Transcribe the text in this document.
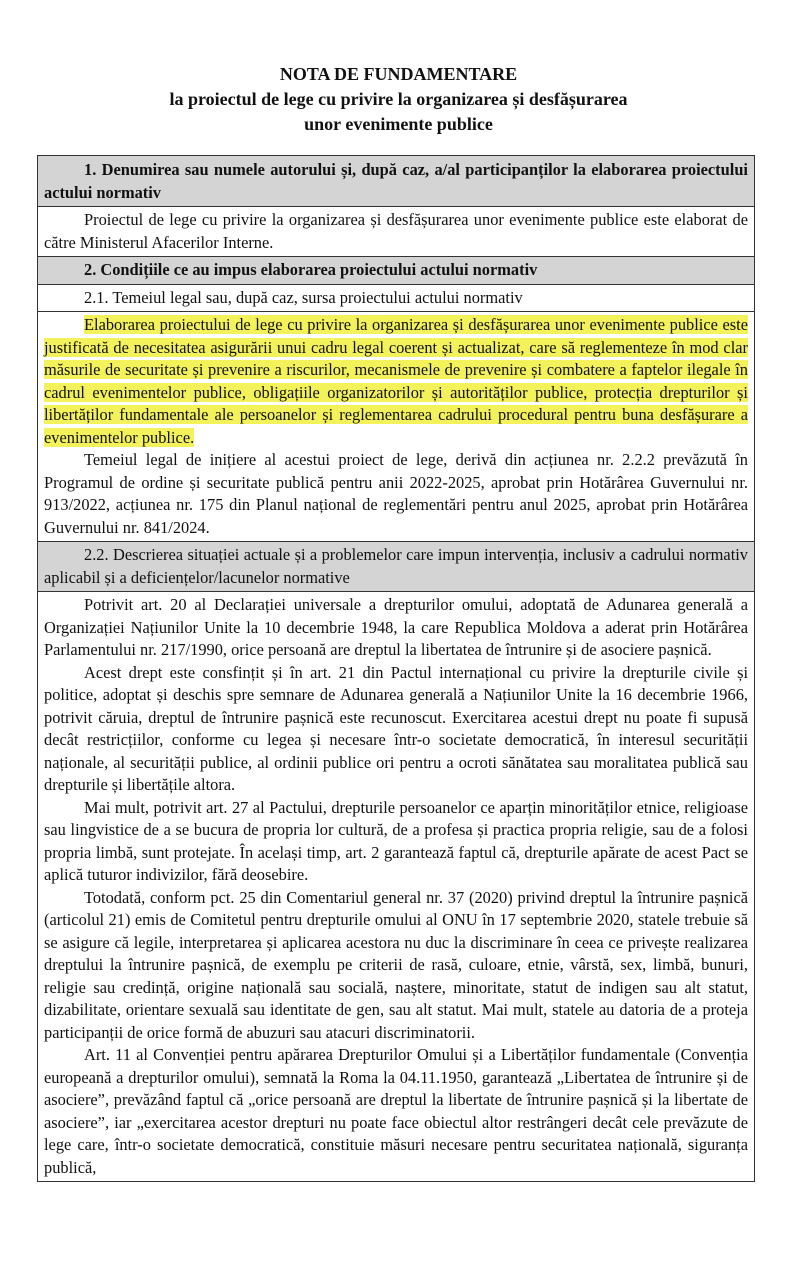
NOTA DE FUNDAMENTARE
la proiectul de lege cu privire la organizarea și desfășurarea
unor evenimente publice
1. Denumirea sau numele autorului și, după caz, a/al participanților la elaborarea proiectului actului normativ
Proiectul de lege cu privire la organizarea și desfășurarea unor evenimente publice este elaborat de către Ministerul Afacerilor Interne.
2. Condițiile ce au impus elaborarea proiectului actului normativ
2.1. Temeiul legal sau, după caz, sursa proiectului actului normativ

Elaborarea proiectului de lege cu privire la organizarea și desfășurarea unor evenimente publice este justificată de necesitatea asigurării unui cadru legal coerent și actualizat, care să reglementeze în mod clar măsurile de securitate și prevenire a riscurilor, mecanismele de prevenire și combatere a faptelor ilegale în cadrul evenimentelor publice, obligațiile organizatorilor și autorităților publice, protecția drepturilor și libertăților fundamentale ale persoanelor și reglementarea cadrului procedural pentru buna desfășurare a evenimentelor publice.

Temeiul legal de inițiere al acestui proiect de lege, derivă din acțiunea nr. 2.2.2 prevăzută în Programul de ordine și securitate publică pentru anii 2022-2025, aprobat prin Hotărârea Guvernului nr. 913/2022, acțiunea nr. 175 din Planul național de reglementări pentru anul 2025, aprobat prin Hotărârea Guvernului nr. 841/2024.

2.2. Descrierea situației actuale și a problemelor care impun intervenția, inclusiv a cadrului normativ aplicabil și a deficiențelor/lacunelor normative

Potrivit art. 20 al Declarației universale a drepturilor omului, adoptată de Adunarea generală a Organizației Națiunilor Unite la 10 decembrie 1948, la care Republica Moldova a aderat prin Hotărârea Parlamentului nr. 217/1990, orice persoană are dreptul la libertatea de întrunire și de asociere pașnică.

Acest drept este consfințit și în art. 21 din Pactul internațional cu privire la drepturile civile și politice, adoptat și deschis spre semnare de Adunarea generală a Națiunilor Unite la 16 decembrie 1966, potrivit căruia, dreptul de întrunire pașnică este recunoscut. Exercitarea acestui drept nu poate fi supusă decât restricțiilor, conforme cu legea și necesare într-o societate democratică, în interesul securității naționale, al securității publice, al ordinii publice ori pentru a ocroti sănătatea sau moralitatea publică sau drepturile și libertățile altora.

Mai mult, potrivit art. 27 al Pactului, drepturile persoanelor ce aparțin minorităților etnice, religioase sau lingvistice de a se bucura de propria lor cultură, de a profesa și practica propria religie, sau de a folosi propria limbă, sunt protejate. În același timp, art. 2 garantează faptul că, drepturile apărate de acest Pact se aplică tuturor indivizilor, fără deosebire.

Totodată, conform pct. 25 din Comentariul general nr. 37 (2020) privind dreptul la întrunire pașnică (articolul 21) emis de Comitetul pentru drepturile omului al ONU în 17 septembrie 2020, statele trebuie să se asigure că legile, interpretarea și aplicarea acestora nu duc la discriminare în ceea ce privește realizarea dreptului la întrunire pașnică, de exemplu pe criterii de rasă, culoare, etnie, vârstă, sex, limbă, bunuri, religie sau credință, origine națională sau socială, naștere, minoritate, statut de indigen sau alt statut, dizabilitate, orientare sexuală sau identitate de gen, sau alt statut. Mai mult, statele au datoria de a proteja participanții de orice formă de abuzuri sau atacuri discriminatorii.

Art. 11 al Convenției pentru apărarea Drepturilor Omului și a Libertăților fundamentale (Convenția europeană a drepturilor omului), semnată la Roma la 04.11.1950, garantează „Libertatea de întrunire și de asociere”, prevăzând faptul că „orice persoană are dreptul la libertate de întrunire pașnică și la libertate de asociere”, iar „exercitarea acestor drepturi nu poate face obiectul altor restrângeri decât cele prevăzute de lege care, într-o societate democratică, constituie măsuri necesare pentru securitatea națională, siguranța publică,
